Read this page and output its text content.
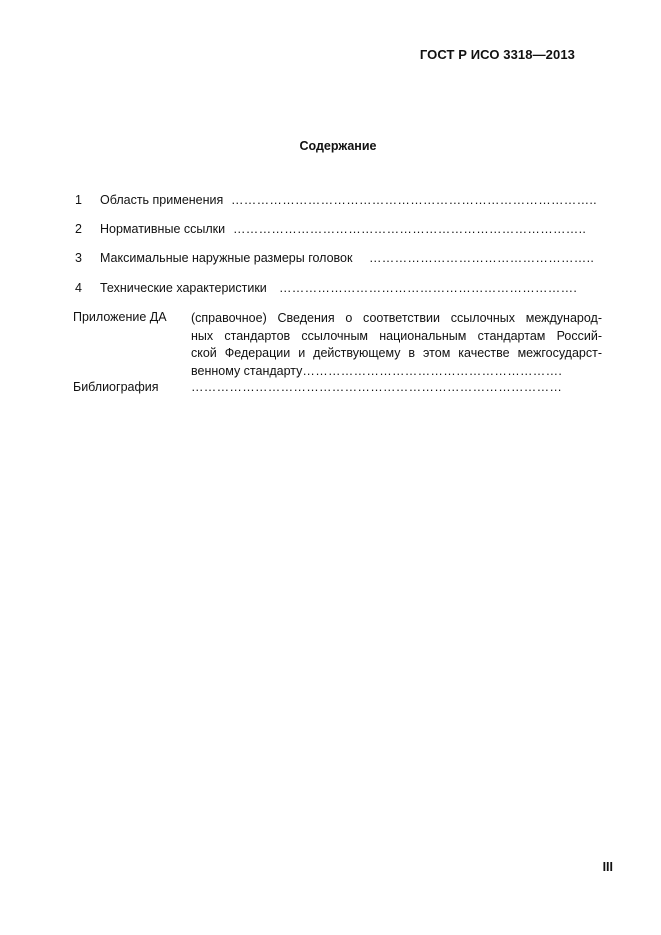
ГОСТ Р ИСО 3318—2013
Содержание
1 Область применения …………………………………………………………………………..
2 Нормативные ссылки ………………………………………………………………………..
3 Максимальные наружные размеры головок ……………………………………………..
4 Технические характеристики …………………………………………………………….
Приложение ДА (справочное) Сведения о соответствии ссылочных международ-
ных стандартов ссылочным национальным стандартам Россий-
ской Федерации и действующему в этом качестве межгосударст-
венному стандарту…………………………………………………….
Библиография	……………………………………………………………………………
III
